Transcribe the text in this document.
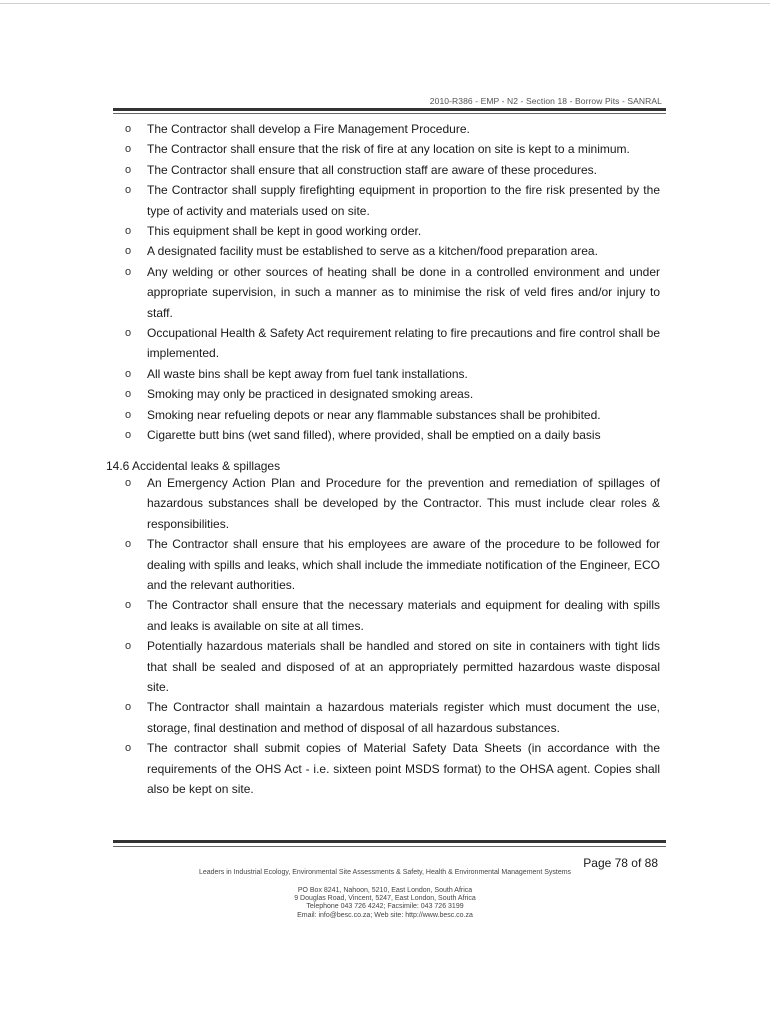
2010-R386 - EMP - N2 - Section 18 - Borrow Pits - SANRAL
o The Contractor shall develop a Fire Management Procedure.
o The Contractor shall ensure that the risk of fire at any location on site is kept to a minimum.
o The Contractor shall ensure that all construction staff are aware of these procedures.
o The Contractor shall supply firefighting equipment in proportion to the fire risk presented by the type of activity and materials used on site.
o This equipment shall be kept in good working order.
o A designated facility must be established to serve as a kitchen/food preparation area.
o Any welding or other sources of heating shall be done in a controlled environment and under appropriate supervision, in such a manner as to minimise the risk of veld fires and/or injury to staff.
o Occupational Health & Safety Act requirement relating to fire precautions and fire control shall be implemented.
o All waste bins shall be kept away from fuel tank installations.
o Smoking may only be practiced in designated smoking areas.
o Smoking near refueling depots or near any flammable substances shall be prohibited.
o Cigarette butt bins (wet sand filled), where provided, shall be emptied on a daily basis
14.6 Accidental leaks & spillages
o An Emergency Action Plan and Procedure for the prevention and remediation of spillages of hazardous substances shall be developed by the Contractor. This must include clear roles & responsibilities.
o The Contractor shall ensure that his employees are aware of the procedure to be followed for dealing with spills and leaks, which shall include the immediate notification of the Engineer, ECO and the relevant authorities.
o The Contractor shall ensure that the necessary materials and equipment for dealing with spills and leaks is available on site at all times.
o Potentially hazardous materials shall be handled and stored on site in containers with tight lids that shall be sealed and disposed of at an appropriately permitted hazardous waste disposal site.
o The Contractor shall maintain a hazardous materials register which must document the use, storage, final destination and method of disposal of all hazardous substances.
o The contractor shall submit copies of Material Safety Data Sheets (in accordance with the requirements of the OHS Act - i.e. sixteen point MSDS format) to the OHSA agent. Copies shall also be kept on site.
Page 78 of 88
Leaders in Industrial Ecology, Environmental Site Assessments & Safety, Health & Environmental Management Systems
PO Box 8241, Nahoon, 5210, East London, South Africa
9 Douglas Road, Vincent, 5247, East London, South Africa
Telephone 043 726 4242; Facsimile: 043 726 3199
Email: info@besc.co.za; Web site: http://www.besc.co.za
